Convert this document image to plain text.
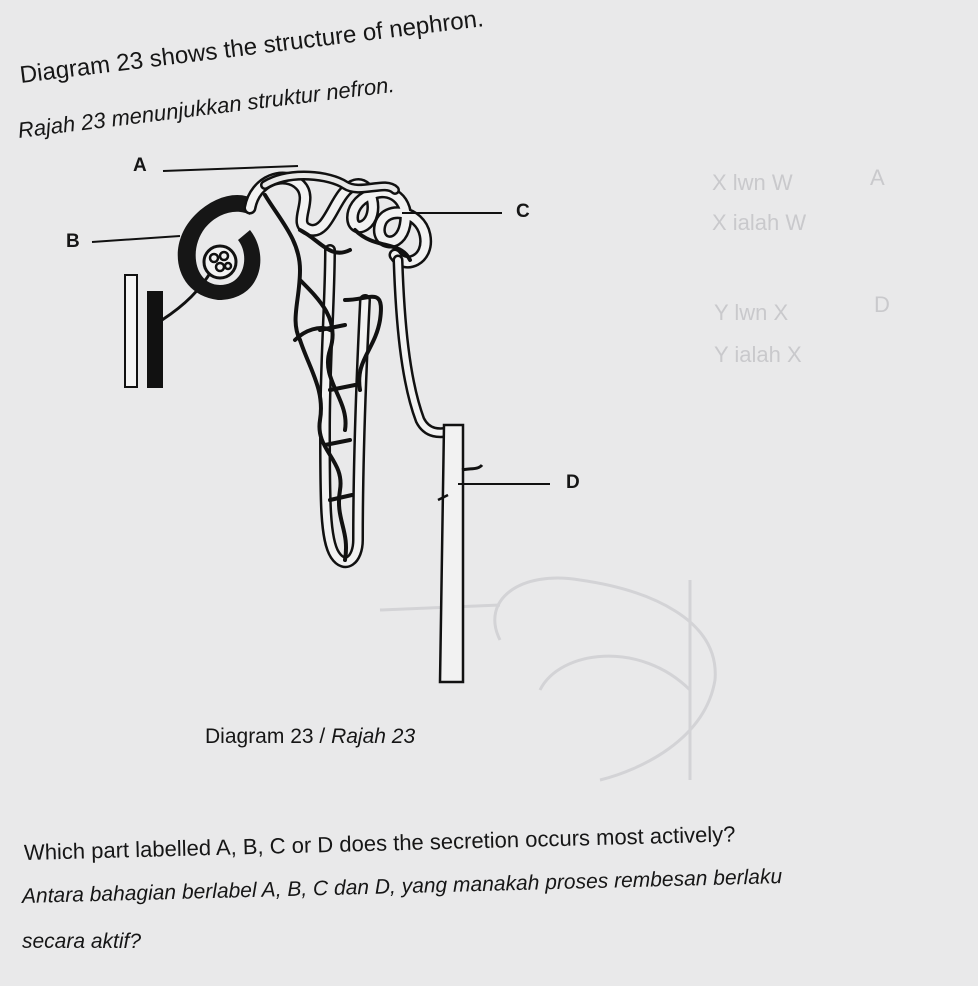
X lwn W
X ialah W
A
Y lwn X
Y ialah X
D
Diagram 23 shows the structure of nephron.
Rajah 23 menunjukkan struktur nefron.
A
B
C
D
Diagram 23 / Rajah 23
Which part labelled A, B, C or D does the secretion occurs most actively?
Antara bahagian berlabel A, B, C dan D, yang manakah proses rembesan berlaku
secara aktif?
